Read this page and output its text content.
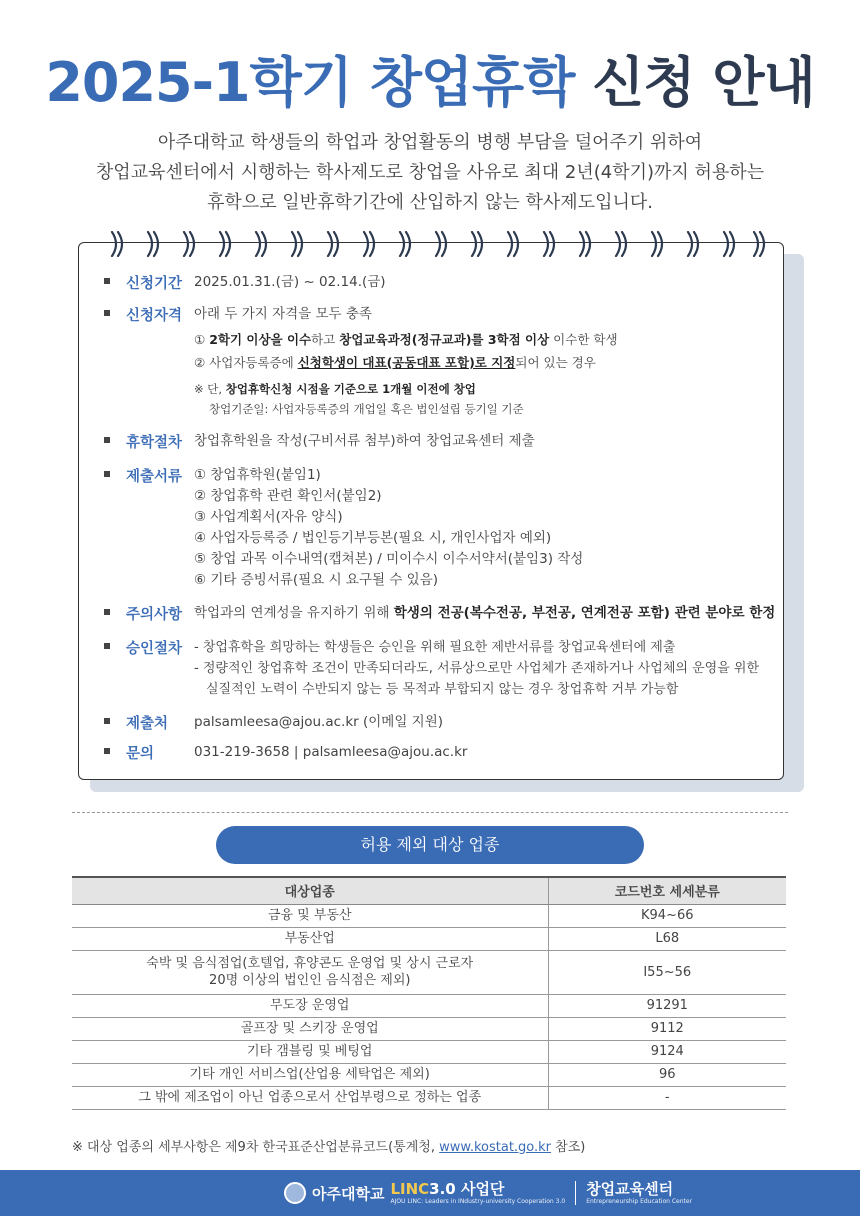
2025-1학기 창업휴학 신청 안내
아주대학교 학생들의 학업과 창업활동의 병행 부담을 덜어주기 위하여
창업교육센터에서 시행하는 학사제도로 창업을 사유로 최대 2년(4학기)까지 허용하는
휴학으로 일반휴학기간에 산입하지 않는 학사제도입니다.
신청기간 2025.01.31.(금) ~ 02.14.(금)
신청자격 아래 두 가지 자격을 모두 충족
① 2학기 이상을 이수하고 창업교육과정(정규교과)를 3학점 이상 이수한 학생
② 사업자등록증에 신청학생이 대표(공동대표 포함)로 지정되어 있는 경우
※ 단, 창업휴학신청 시점을 기준으로 1개월 이전에 창업
창업기준일: 사업자등록증의 개업일 혹은 법인설립 등기일 기준
휴학절차 창업휴학원을 작성(구비서류 첨부)하여 창업교육센터 제출
제출서류 ① 창업휴학원(붙임1)
② 창업휴학 관련 확인서(붙임2)
③ 사업계획서(자유 양식)
④ 사업자등록증 / 법인등기부등본(필요 시, 개인사업자 예외)
⑤ 창업 과목 이수내역(캡쳐본) / 미이수시 이수서약서(붙임3) 작성
⑥ 기타 증빙서류(필요 시 요구될 수 있음)
주의사항 학업과의 연계성을 유지하기 위해 학생의 전공(복수전공, 부전공, 연계전공 포함) 관련 분야로 한정
승인절차 - 창업휴학을 희망하는 학생들은 승인을 위해 필요한 제반서류를 창업교육센터에 제출
- 정량적인 창업휴학 조건이 만족되더라도, 서류상으로만 사업체가 존재하거나 사업체의 운영을 위한
실질적인 노력이 수반되지 않는 등 목적과 부합되지 않는 경우 창업휴학 거부 가능함
제출처 palsamleesa@ajou.ac.kr (이메일 지원)
문의	031-219-3658 | palsamleesa@ajou.ac.kr
허용 제외 대상 업종
대상업종	코드번호 세세분류
금융 및 부동산	K94~66
부동산업	L68

숙박 및 음식점업(호텔업, 휴양콘도 운영업 및 상시 근로자
20명 이상의 법인인 음식점은 제외)	I55~56
무도장 운영업	91291
골프장 및 스키장 운영업	9112
기타 갬블링 및 베팅업	9124
기타 개인 서비스업(산업용 세탁업은 제외)	96
그 밖에 제조업이 아닌 업종으로서 산업부령으로 정하는 업종	-
※ 대상 업종의 세부사항은 제9차 한국표준산업분류코드(통계청, www.kostat.go.kr 참조)
아주대학교 LINC3.0 사업단
AJOU LINC: Leaders in INdustry-university Cooperation 3.0
창업교육센터
Entrepreneurship Education Center
